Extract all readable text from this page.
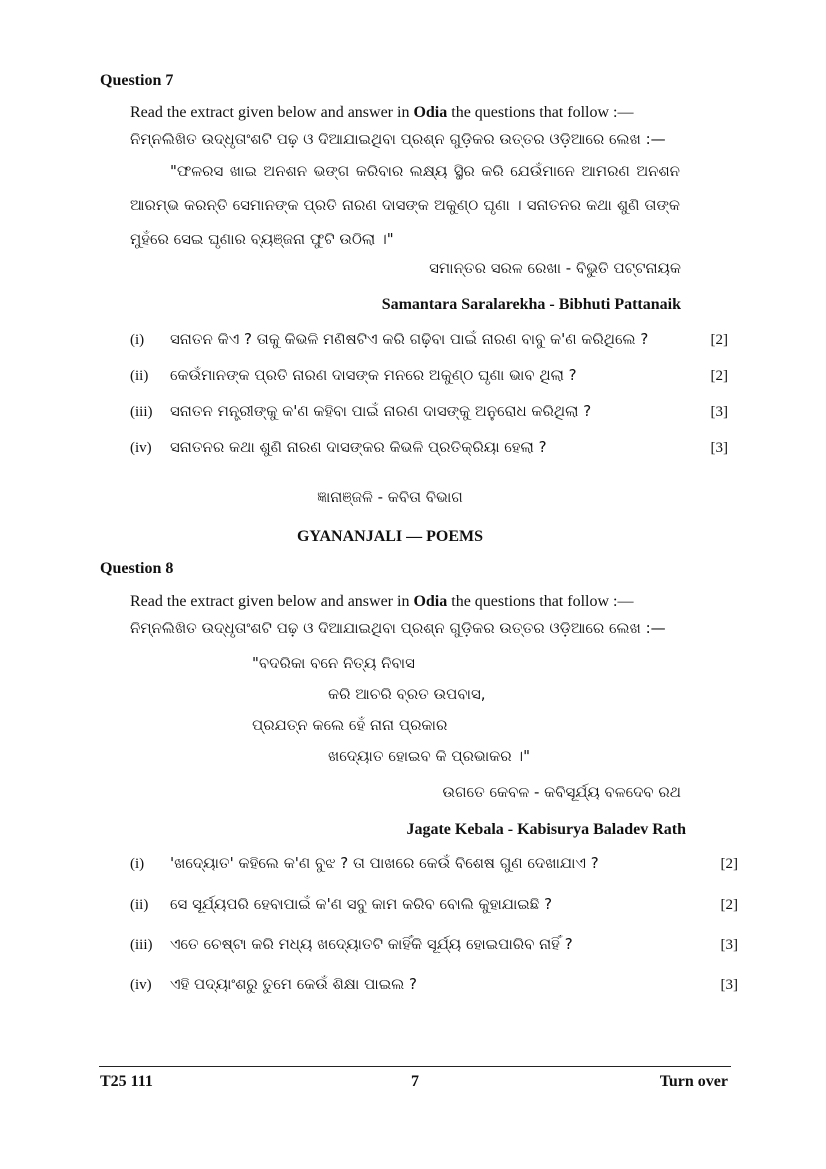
Question 7
Read the extract given below and answer in Odia the questions that follow :—
ନିମ୍ନଲିଖିତ ଉଦ୍ଧୃତାଂଶଟି ପଢ଼ ଓ ଦିଆଯାଇଥିବା ପ୍ରଶ୍ନ ଗୁଡ଼ିକର ଉତ୍ତର ଓଡ଼ିଆରେ ଲେଖ :—
"ଫଳରସ ଖାଇ ଅନଶନ ଭଙ୍ଗ କରିବାର ଲକ୍ଷ୍ୟ ସ୍ଥିର କରି ଯେଉଁମାନେ ଆମରଣ ଅନଶନ
ଆରମ୍ଭ କରନ୍ତି ସେମାନଙ୍କ ପ୍ରତି ନାରଣ ଦାସଙ୍କ ଅକୁଣ୍ଠ ଘୃଣା । ସନାତନର କଥା ଶୁଣି ତାଙ୍କ
ମୁହଁରେ ସେଇ ଘୃଣାର ବ୍ୟଞ୍ଜନା ଫୁଟି ଉଠିଲା ।"
ସମାନ୍ତର ସରଳ ରେଖା - ବିଭୁତି ପଟ୍ଟନାୟକ
Samantara Saralarekha - Bibhuti Pattanaik
(i) ସନାତନ କିଏ ? ତାକୁ କିଭଳି ମଣିଷଟିଏ କରି ଗଢ଼ିବା ପାଇଁ ନାରଣ ବାବୁ କ'ଣ କରିଥିଲେ ?	[2]
(ii) କେଉଁମାନଙ୍କ ପ୍ରତି ନାରଣ ଦାସଙ୍କ ମନରେ ଅକୁଣ୍ଠ ଘୃଣା ଭାବ ଥିଲା ?	[2]
(iii) ସନାତନ ମନ୍ତ୍ରୀଙ୍କୁ କ'ଣ କହିବା ପାଇଁ ନାରଣ ଦାସଙ୍କୁ ଅନୁରୋଧ କରିଥିଲା ?	[3]
(iv) ସନାତନର କଥା ଶୁଣି ନାରଣ ଦାସଙ୍କର କିଭଳି ପ୍ରତିକ୍ରିୟା ହେଲା ?	[3]
ଜ୍ଞାନାଞ୍ଜଳି - କବିତା ବିଭାଗ
GYANANJALI — POEMS
Question 8
Read the extract given below and answer in Odia the questions that follow :—
ନିମ୍ନଲିଖିତ ଉଦ୍ଧୃତାଂଶଟି ପଢ଼ ଓ ଦିଆଯାଇଥିବା ପ୍ରଶ୍ନ ଗୁଡ଼ିକର ଉତ୍ତର ଓଡ଼ିଆରେ ଲେଖ :—
"ବଦରିକା ବନେ ନିତ୍ୟ ନିବାସ
କରି ଆଚରି ବ୍ରତ ଉପବାସ,
ପ୍ରଯତ୍ନ କଲେ ହେଁ ନାନା ପ୍ରକାର
ଖଦ୍ୟୋତ ହୋଇବ କି ପ୍ରଭାକର ।"
ଉଗତେ କେବଳ - କବିସୂର୍ଯ୍ୟ ବଳଦେବ ରଥ
Jagate Kebala - Kabisurya Baladev Rath
(i) 'ଖଦ୍ୟୋତ' କହିଲେ କ'ଣ ବୁଝ ? ତା ପାଖରେ କେଉଁ ବିଶେଷ ଗୁଣ ଦେଖାଯାଏ ?	[2]
(ii) ସେ ସୂର୍ଯ୍ୟପରି ହେବାପାଇଁ କ'ଣ ସବୁ କାମ କରିବ ବୋଲି କୁହାଯାଇଛି ?	[2]
(iii) ଏତେ ଚେଷ୍ଟା କରି ମଧ୍ୟ ଖଦ୍ୟୋତଟି କାହିଁକି ସୂର୍ଯ୍ୟ ହୋଇପାରିବ ନାହିଁ ?	[3]
(iv) ଏହି ପଦ୍ୟାଂଶରୁ ତୁମେ କେଉଁ ଶିକ୍ଷା ପାଇଲ ?	[3]
T25 111	7	Turn over
